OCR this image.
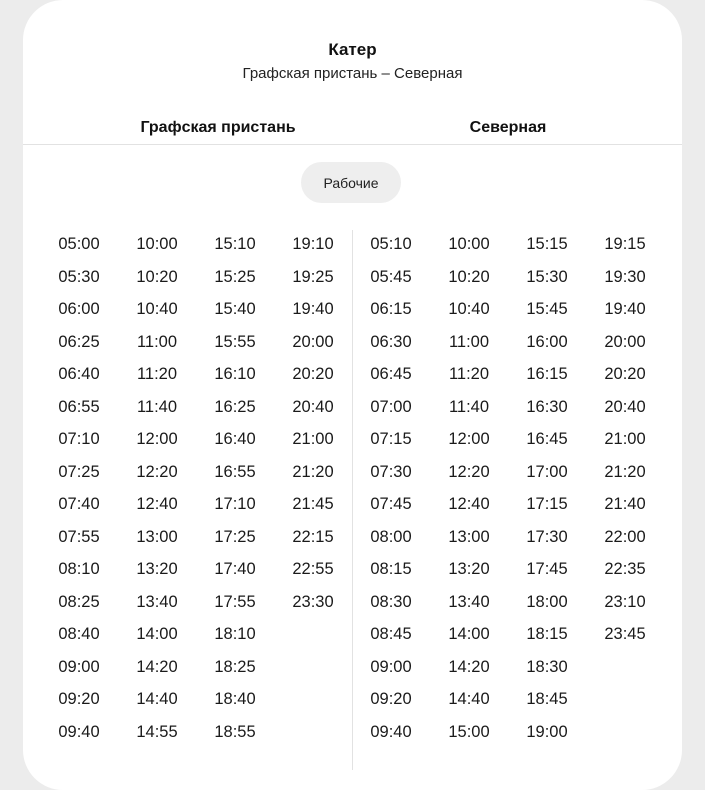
Катер
Графская пристань – Северная
Графская пристань	Северная
Рабочие
05:00	10:00	15:10	19:10
05:30	10:20	15:25	19:25
06:00	10:40	15:40	19:40
06:25	11:00	15:55	20:00
06:40	11:20	16:10	20:20
06:55	11:40	16:25	20:40
07:10	12:00	16:40	21:00
07:25	12:20	16:55	21:20
07:40	12:40	17:10	21:45
07:55	13:00	17:25	22:15
08:10	13:20	17:40	22:55
08:25	13:40	17:55	23:30
08:40	14:00	18:10
09:00	14:20	18:25
09:20	14:40	18:40
09:40	14:55	18:55
05:10	10:00	15:15	19:15
05:45	10:20	15:30	19:30
06:15	10:40	15:45	19:40
06:30	11:00	16:00	20:00
06:45	11:20	16:15	20:20
07:00	11:40	16:30	20:40
07:15	12:00	16:45	21:00
07:30	12:20	17:00	21:20
07:45	12:40	17:15	21:40
08:00	13:00	17:30	22:00
08:15	13:20	17:45	22:35
08:30	13:40	18:00	23:10
08:45	14:00	18:15	23:45
09:00	14:20	18:30
09:20	14:40	18:45
09:40	15:00	19:00
